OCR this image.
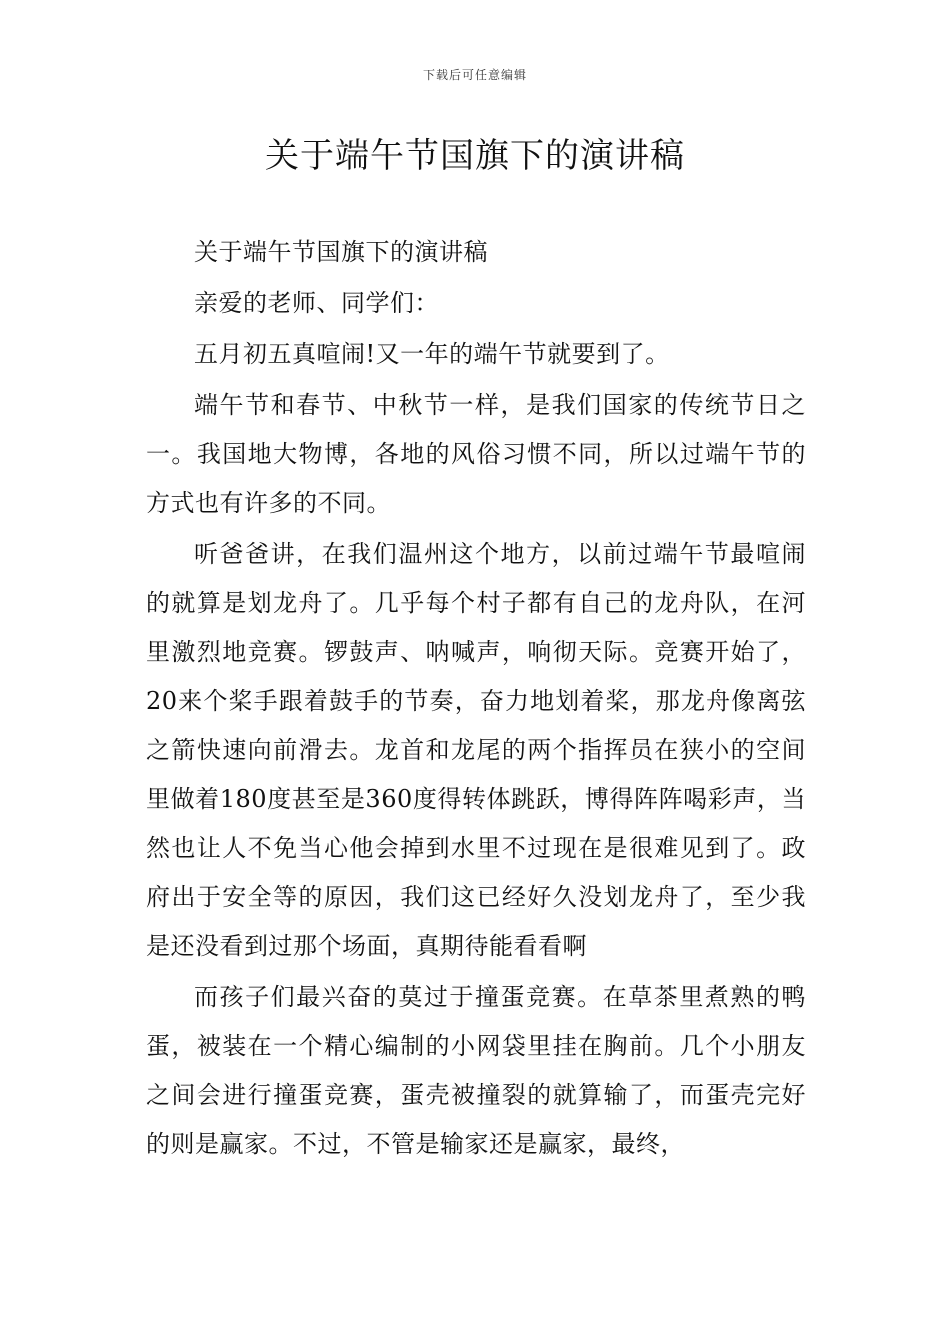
下载后可任意编辑
关于端午节国旗下的演讲稿

关于端午节国旗下的演讲稿

亲爱的老师、同学们：

五月初五真喧闹!又一年的端午节就要到了。

端午节和春节、中秋节一样，是我们国家的传统节日之一。我国地大物博，各地的风俗习惯不同，所以过端午节的方式也有许多的不同。

听爸爸讲，在我们温州这个地方，以前过端午节最喧闹的就算是划龙舟了。几乎每个村子都有自己的龙舟队，在河里激烈地竞赛。锣鼓声、呐喊声，响彻天际。竞赛开始了，20来个桨手跟着鼓手的节奏，奋力地划着桨，那龙舟像离弦之箭快速向前滑去。龙首和龙尾的两个指挥员在狭小的空间里做着180度甚至是360度得转体跳跃，博得阵阵喝彩声，当然也让人不免当心他会掉到水里不过现在是很难见到了。政府出于安全等的原因，我们这已经好久没划龙舟了，至少我是还没看到过那个场面，真期待能看看啊

而孩子们最兴奋的莫过于撞蛋竞赛。在草茶里煮熟的鸭蛋，被装在一个精心编制的小网袋里挂在胸前。几个小朋友之间会进行撞蛋竞赛，蛋壳被撞裂的就算输了，而蛋壳完好的则是赢家。不过，不管是输家还是赢家，最终，
